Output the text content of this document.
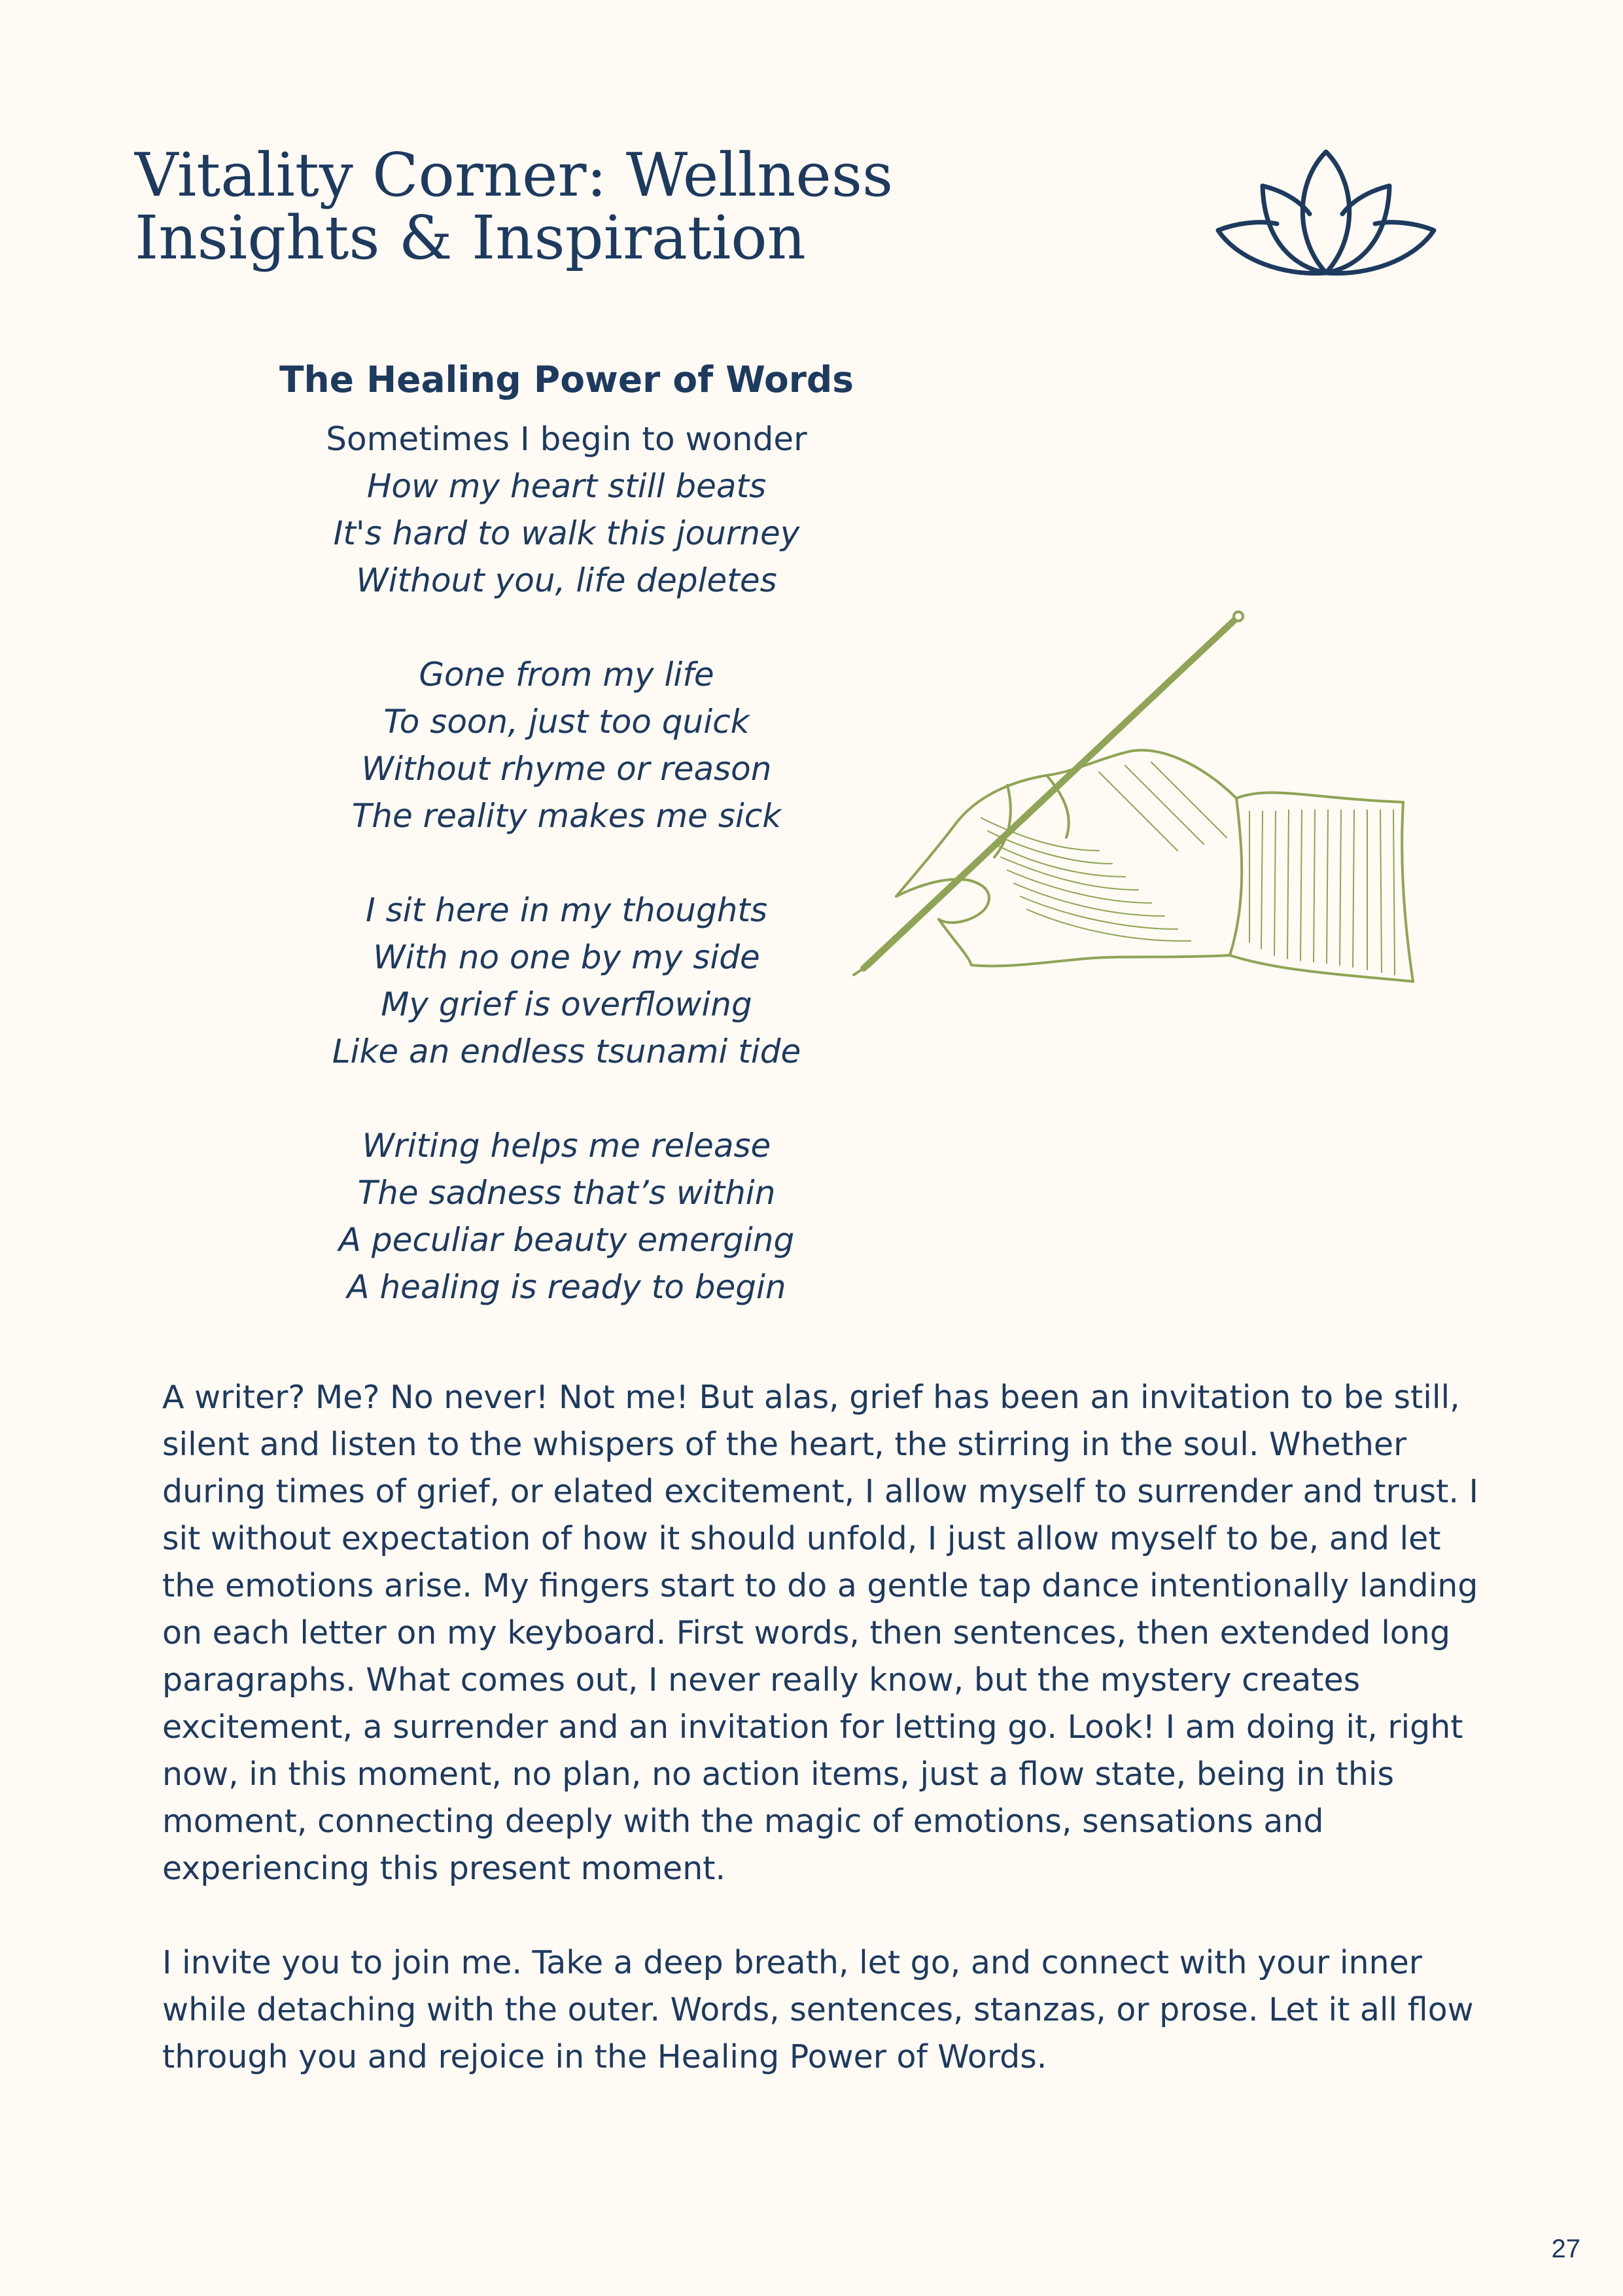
Vitality Corner: Wellness
Insights & Inspiration
The Healing Power of Words

Sometimes I begin to wonder

How my heart still beats

It's hard to walk this journey

Without you, life depletes

Gone from my life

To soon, just too quick

Without rhyme or reason

The reality makes me sick

I sit here in my thoughts

With no one by my side

My grief is overflowing

Like an endless tsunami tide

Writing helps me release

The sadness that’s within

A peculiar beauty emerging

A healing is ready to begin

A writer? Me? No never! Not me! But alas, grief has been an invitation to be still, silent and listen to the whispers of the heart, the stirring in the soul. Whether during times of grief, or elated excitement, I allow myself to surrender and trust. I sit without expectation of how it should unfold, I just allow myself to be, and let the emotions arise. My fingers start to do a gentle tap dance intentionally landing on each letter on my keyboard. First words, then sentences, then extended long paragraphs. What comes out, I never really know, but the mystery creates excitement, a surrender and an invitation for letting go. Look! I am doing it, right now, in this moment, no plan, no action items, just a flow state, being in this moment, connecting deeply with the magic of emotions, sensations and experiencing this present moment.

I invite you to join me. Take a deep breath, let go, and connect with your inner while detaching with the outer. Words, sentences, stanzas, or prose. Let it all flow through you and rejoice in the Healing Power of Words.

27
